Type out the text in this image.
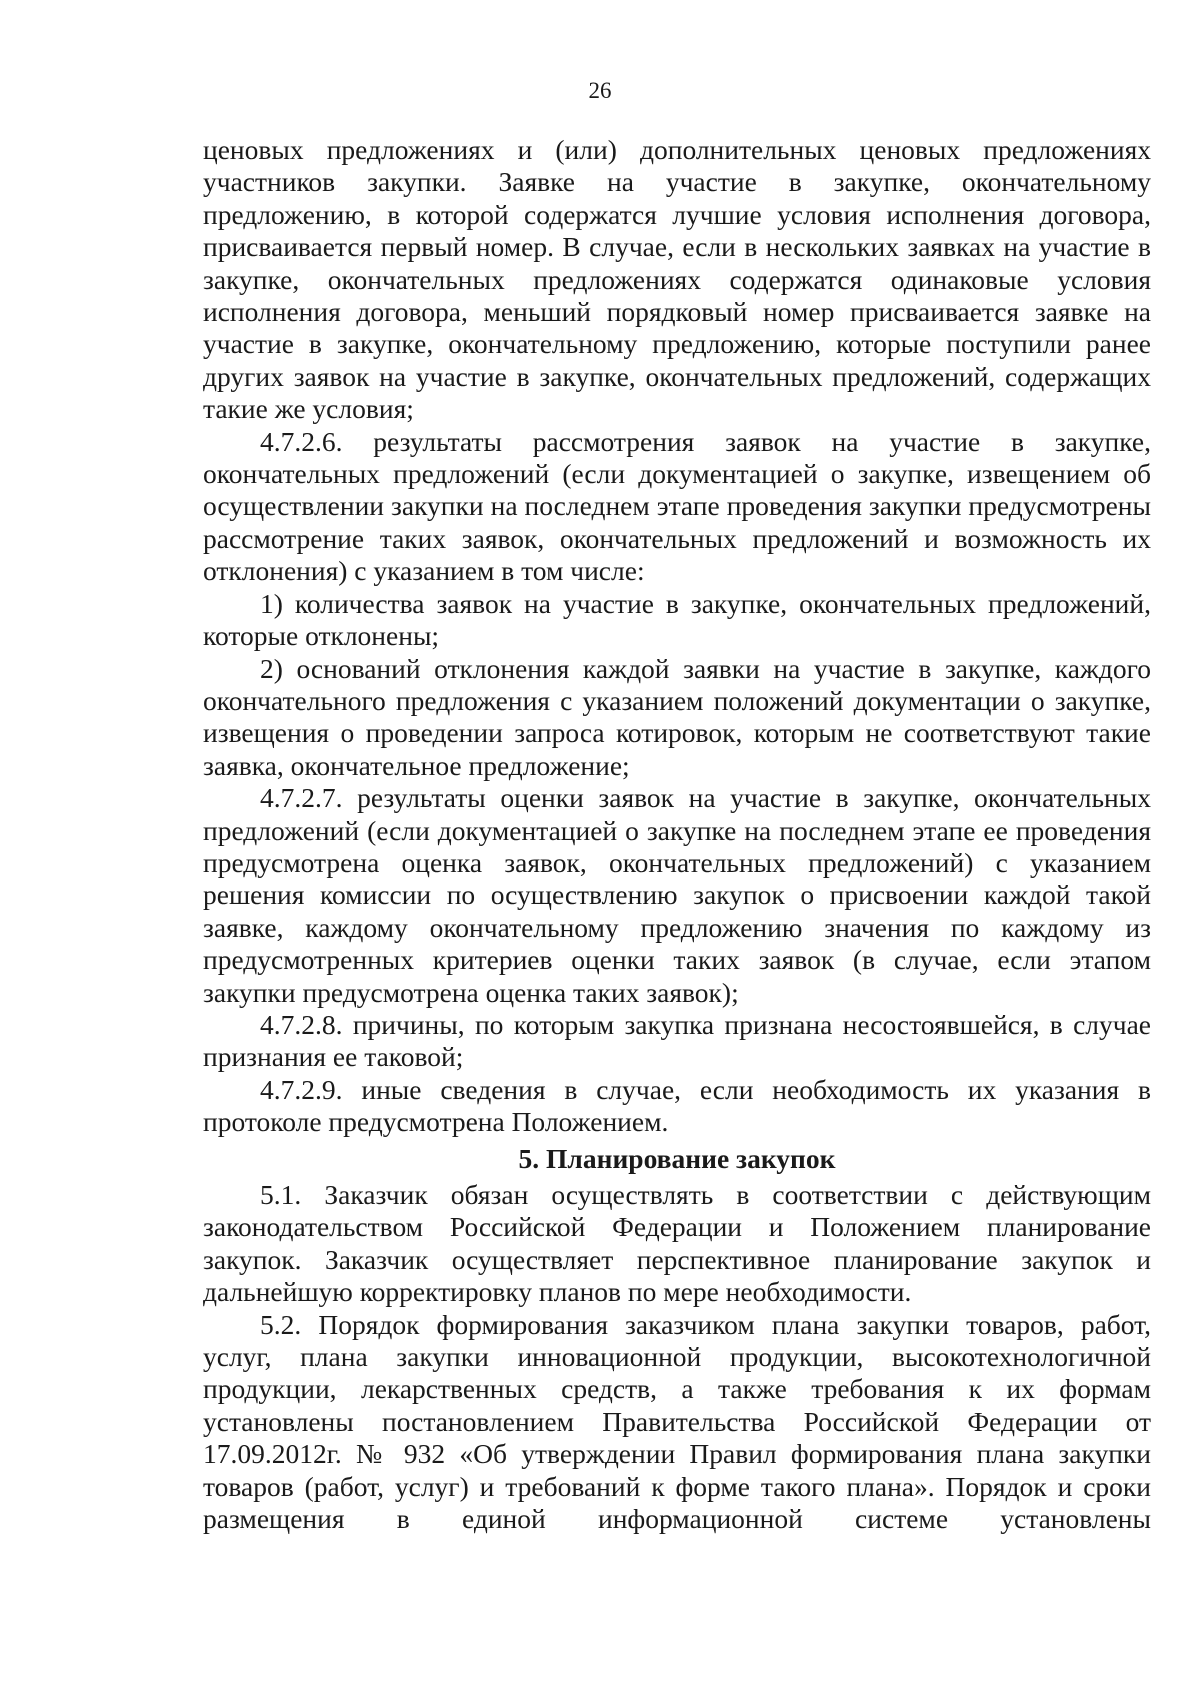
26

ценовых предложениях и (или) дополнительных ценовых предложениях участников закупки. Заявке на участие в закупке, окончательному предложению, в которой содержатся лучшие условия исполнения договора, присваивается первый номер. В случае, если в нескольких заявках на участие в закупке, окончательных предложениях содержатся одинаковые условия исполнения договора, меньший порядковый номер присваивается заявке на участие в закупке, окончательному предложению, которые поступили ранее других заявок на участие в закупке, окончательных предложений, содержащих такие же условия;

4.7.2.6. результаты рассмотрения заявок на участие в закупке, окончательных предложений (если документацией о закупке, извещением об осуществлении закупки на последнем этапе проведения закупки предусмотрены рассмотрение таких заявок, окончательных предложений и возможность их отклонения) с указанием в том числе:

1) количества заявок на участие в закупке, окончательных предложений, которые отклонены;

2) оснований отклонения каждой заявки на участие в закупке, каждого окончательного предложения с указанием положений документации о закупке, извещения о проведении запроса котировок, которым не соответствуют такие заявка, окончательное предложение;

4.7.2.7. результаты оценки заявок на участие в закупке, окончательных предложений (если документацией о закупке на последнем этапе ее проведения предусмотрена оценка заявок, окончательных предложений) с указанием решения комиссии по осуществлению закупок о присвоении каждой такой заявке, каждому окончательному предложению значения по каждому из предусмотренных критериев оценки таких заявок (в случае, если этапом закупки предусмотрена оценка таких заявок);

4.7.2.8. причины, по которым закупка признана несостоявшейся, в случае признания ее таковой;

4.7.2.9. иные сведения в случае, если необходимость их указания в протоколе предусмотрена Положением.

5. Планирование закупок

5.1. Заказчик обязан осуществлять в соответствии с действующим законодательством Российской Федерации и Положением планирование закупок. Заказчик осуществляет перспективное планирование закупок и дальнейшую корректировку планов по мере необходимости.

5.2. Порядок формирования заказчиком плана закупки товаров, работ, услуг, плана закупки инновационной продукции, высокотехнологичной продукции, лекарственных средств, а также требования к их формам установлены постановлением Правительства Российской Федерации от 17.09.2012г. № 932 «Об утверждении Правил формирования плана закупки товаров (работ, услуг) и требований к форме такого плана». Порядок и сроки размещения в единой информационной системе установлены
